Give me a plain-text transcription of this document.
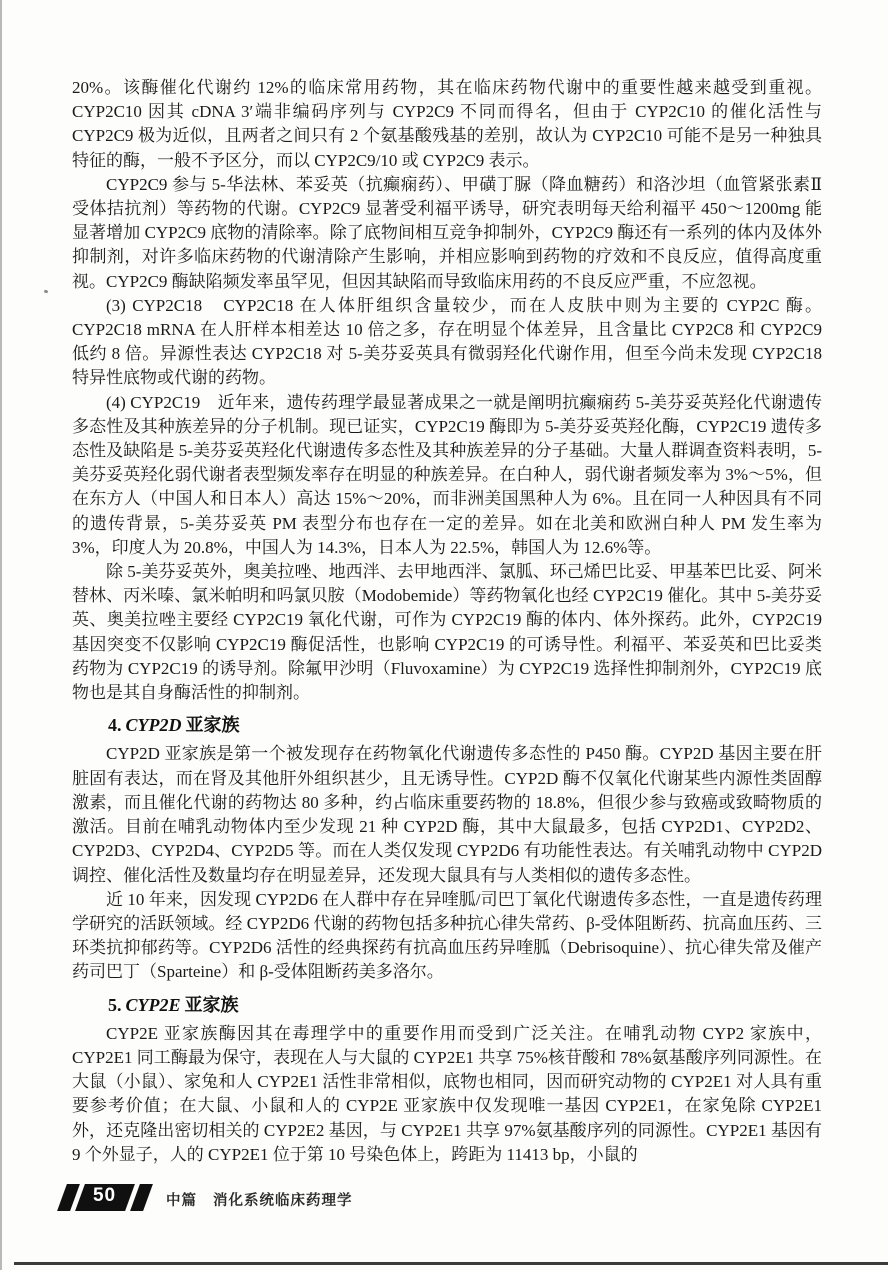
20%。该酶催化代谢约 12%的临床常用药物，其在临床药物代谢中的重要性越来越受到重视。CYP2C10 因其 cDNA 3′端非编码序列与 CYP2C9 不同而得名，但由于 CYP2C10 的催化活性与 CYP2C9 极为近似，且两者之间只有 2 个氨基酸残基的差别，故认为 CYP2C10 可能不是另一种独具特征的酶，一般不予区分，而以 CYP2C9/10 或 CYP2C9 表示。

CYP2C9 参与 5-华法林、苯妥英（抗癫痫药）、甲磺丁脲（降血糖药）和洛沙坦（血管紧张素Ⅱ受体拮抗剂）等药物的代谢。CYP2C9 显著受利福平诱导，研究表明每天给利福平 450～1200mg 能显著增加 CYP2C9 底物的清除率。除了底物间相互竞争抑制外，CYP2C9 酶还有一系列的体内及体外抑制剂，对许多临床药物的代谢清除产生影响，并相应影响到药物的疗效和不良反应，值得高度重视。CYP2C9 酶缺陷频发率虽罕见，但因其缺陷而导致临床用药的不良反应严重，不应忽视。

(3) CYP2C18　CYP2C18 在人体肝组织含量较少，而在人皮肤中则为主要的 CYP2C 酶。CYP2C18 mRNA 在人肝样本相差达 10 倍之多，存在明显个体差异，且含量比 CYP2C8 和 CYP2C9 低约 8 倍。异源性表达 CYP2C18 对 5-美芬妥英具有微弱羟化代谢作用，但至今尚未发现 CYP2C18 特异性底物或代谢的药物。

(4) CYP2C19　近年来，遗传药理学最显著成果之一就是阐明抗癫痫药 5-美芬妥英羟化代谢遗传多态性及其种族差异的分子机制。现已证实，CYP2C19 酶即为 5-美芬妥英羟化酶，CYP2C19 遗传多态性及缺陷是 5-美芬妥英羟化代谢遗传多态性及其种族差异的分子基础。大量人群调查资料表明，5-美芬妥英羟化弱代谢者表型频发率存在明显的种族差异。在白种人，弱代谢者频发率为 3%～5%，但在东方人（中国人和日本人）高达 15%～20%，而非洲美国黑种人为 6%。且在同一人种因具有不同的遗传背景，5-美芬妥英 PM 表型分布也存在一定的差异。如在北美和欧洲白种人 PM 发生率为 3%，印度人为 20.8%，中国人为 14.3%，日本人为 22.5%，韩国人为 12.6%等。

除 5-美芬妥英外，奥美拉唑、地西泮、去甲地西泮、氯胍、环己烯巴比妥、甲基苯巴比妥、阿米替林、丙米嗪、氯米帕明和吗氯贝胺（Modobemide）等药物氧化也经 CYP2C19 催化。其中 5-美芬妥英、奥美拉唑主要经 CYP2C19 氧化代谢，可作为 CYP2C19 酶的体内、体外探药。此外，CYP2C19 基因突变不仅影响 CYP2C19 酶促活性，也影响 CYP2C19 的可诱导性。利福平、苯妥英和巴比妥类药物为 CYP2C19 的诱导剂。除氟甲沙明（Fluvoxamine）为 CYP2C19 选择性抑制剂外，CYP2C19 底物也是其自身酶活性的抑制剂。

4. CYP2D 亚家族

CYP2D 亚家族是第一个被发现存在药物氧化代谢遗传多态性的 P450 酶。CYP2D 基因主要在肝脏固有表达，而在肾及其他肝外组织甚少，且无诱导性。CYP2D 酶不仅氧化代谢某些内源性类固醇激素，而且催化代谢的药物达 80 多种，约占临床重要药物的 18.8%，但很少参与致癌或致畸物质的激活。目前在哺乳动物体内至少发现 21 种 CYP2D 酶，其中大鼠最多，包括 CYP2D1、CYP2D2、CYP2D3、CYP2D4、CYP2D5 等。而在人类仅发现 CYP2D6 有功能性表达。有关哺乳动物中 CYP2D 调控、催化活性及数量均存在明显差异，还发现大鼠具有与人类相似的遗传多态性。

近 10 年来，因发现 CYP2D6 在人群中存在异喹胍/司巴丁氧化代谢遗传多态性，一直是遗传药理学研究的活跃领域。经 CYP2D6 代谢的药物包括多种抗心律失常药、β-受体阻断药、抗高血压药、三环类抗抑郁药等。CYP2D6 活性的经典探药有抗高血压药异喹胍（Debrisoquine）、抗心律失常及催产药司巴丁（Sparteine）和 β-受体阻断药美多洛尔。

5. CYP2E 亚家族

CYP2E 亚家族酶因其在毒理学中的重要作用而受到广泛关注。在哺乳动物 CYP2 家族中，CYP2E1 同工酶最为保守，表现在人与大鼠的 CYP2E1 共享 75%核苷酸和 78%氨基酸序列同源性。在大鼠（小鼠）、家兔和人 CYP2E1 活性非常相似，底物也相同，因而研究动物的 CYP2E1 对人具有重要参考价值；在大鼠、小鼠和人的 CYP2E 亚家族中仅发现唯一基因 CYP2E1，在家兔除 CYP2E1 外，还克隆出密切相关的 CYP2E2 基因，与 CYP2E1 共享 97%氨基酸序列的同源性。CYP2E1 基因有 9 个外显子，人的 CYP2E1 位于第 10 号染色体上，跨距为 11413 bp，小鼠的

50	中篇 消化系统临床药理学
